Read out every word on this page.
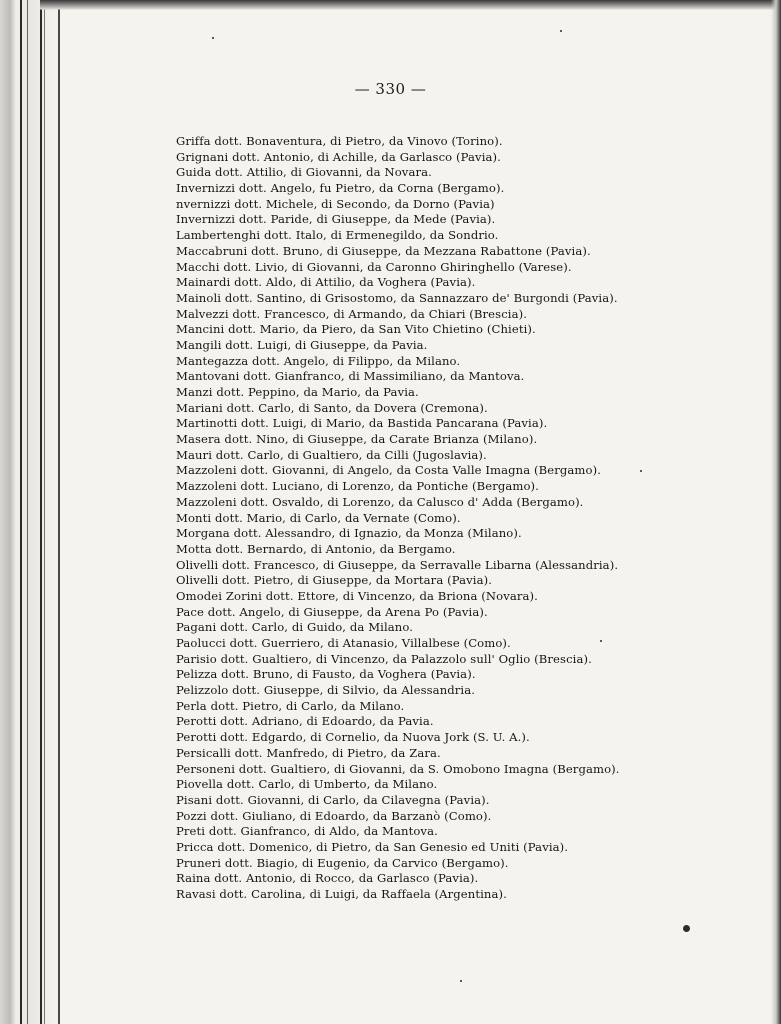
— 330 —
Griffa dott. Bonaventura, di Pietro, da Vinovo (Torino).
Grignani dott. Antonio, di Achille, da Garlasco (Pavia).
Guida dott. Attilio, di Giovanni, da Novara.
Invernizzi dott. Angelo, fu Pietro, da Corna (Bergamo).
nvernizzi dott. Michele, di Secondo, da Dorno (Pavia)
Invernizzi dott. Paride, di Giuseppe, da Mede (Pavia).
Lambertenghi dott. Italo, di Ermenegildo, da Sondrio.
Maccabruni dott. Bruno, di Giuseppe, da Mezzana Rabattone (Pavia).
Macchi dott. Livio, di Giovanni, da Caronno Ghiringhello (Varese).
Mainardi dott. Aldo, di Attilio, da Voghera (Pavia).
Mainoli dott. Santino, di Grisostomo, da Sannazzaro de' Burgondi (Pavia).
Malvezzi dott. Francesco, di Armando, da Chiari (Brescia).
Mancini dott. Mario, da Piero, da San Vito Chietino (Chieti).
Mangili dott. Luigi, di Giuseppe, da Pavia.
Mantegazza dott. Angelo, di Filippo, da Milano.
Mantovani dott. Gianfranco, di Massimiliano, da Mantova.
Manzi dott. Peppino, da Mario, da Pavia.
Mariani dott. Carlo, di Santo, da Dovera (Cremona).
Martinotti dott. Luigi, di Mario, da Bastida Pancarana (Pavia).
Masera dott. Nino, di Giuseppe, da Carate Brianza (Milano).
Mauri dott. Carlo, di Gualtiero, da Cilli (Jugoslavia).
Mazzoleni dott. Giovanni, di Angelo, da Costa Valle Imagna (Bergamo).
Mazzoleni dott. Luciano, di Lorenzo, da Pontiche (Bergamo).
Mazzoleni dott. Osvaldo, di Lorenzo, da Calusco d' Adda (Bergamo).
Monti dott. Mario, di Carlo, da Vernate (Como).
Morgana dott. Alessandro, di Ignazio, da Monza (Milano).
Motta dott. Bernardo, di Antonio, da Bergamo.
Olivelli dott. Francesco, di Giuseppe, da Serravalle Libarna (Alessandria).
Olivelli dott. Pietro, di Giuseppe, da Mortara (Pavia).
Omodei Zorini dott. Ettore, di Vincenzo, da Briona (Novara).
Pace dott. Angelo, di Giuseppe, da Arena Po (Pavia).
Pagani dott. Carlo, di Guido, da Milano.
Paolucci dott. Guerriero, di Atanasio, Villalbese (Como).
Parisio dott. Gualtiero, di Vincenzo, da Palazzolo sull' Oglio (Brescia).
Pelizza dott. Bruno, di Fausto, da Voghera (Pavia).
Pelizzolo dott. Giuseppe, di Silvio, da Alessandria.
Perla dott. Pietro, di Carlo, da Milano.
Perotti dott. Adriano, di Edoardo, da Pavia.
Perotti dott. Edgardo, di Cornelio, da Nuova Jork (S. U. A.).
Persicalli dott. Manfredo, di Pietro, da Zara.
Personeni dott. Gualtiero, di Giovanni, da S. Omobono Imagna (Bergamo).
Piovella dott. Carlo, di Umberto, da Milano.
Pisani dott. Giovanni, di Carlo, da Cilavegna (Pavia).
Pozzi dott. Giuliano, di Edoardo, da Barzanò (Como).
Preti dott. Gianfranco, di Aldo, da Mantova.
Pricca dott. Domenico, di Pietro, da San Genesio ed Uniti (Pavia).
Pruneri dott. Biagio, di Eugenio, da Carvico (Bergamo).
Raina dott. Antonio, di Rocco, da Garlasco (Pavia).
Ravasi dott. Carolina, di Luigi, da Raffaela (Argentina).
